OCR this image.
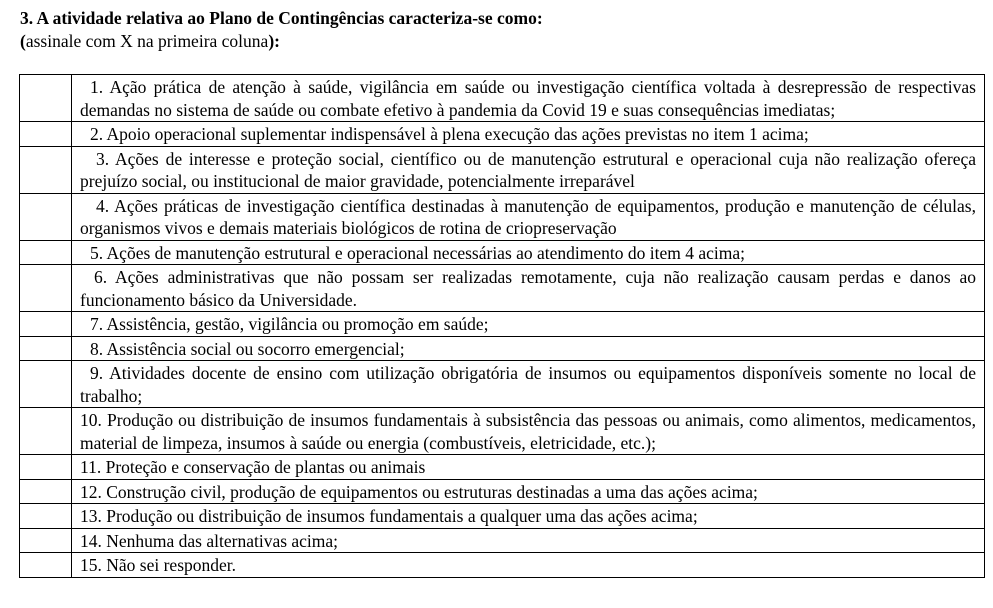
3. A atividade relativa ao Plano de Contingências caracteriza-se como:
(assinale com X na primeira coluna):
	1. Ação prática de atenção à saúde, vigilância em saúde ou investigação científica voltada à desrepressão de respectivas demandas no sistema de saúde ou combate efetivo à pandemia da Covid 19 e suas consequências imediatas;
	2. Apoio operacional suplementar indispensável à plena execução das ações previstas no item 1 acima;
	3. Ações de interesse e proteção social, científico ou de manutenção estrutural e operacional cuja não realização ofereça prejuízo social, ou institucional de maior gravidade, potencialmente irreparável
	4. Ações práticas de investigação científica destinadas à manutenção de equipamentos, produção e manutenção de células, organismos vivos e demais materiais biológicos de rotina de criopreservação
	5. Ações de manutenção estrutural e operacional necessárias ao atendimento do item 4 acima;
	6. Ações administrativas que não possam ser realizadas remotamente, cuja não realização causam perdas e danos ao funcionamento básico da Universidade.
	7. Assistência, gestão, vigilância ou promoção em saúde;
	8. Assistência social ou socorro emergencial;
	9. Atividades docente de ensino com utilização obrigatória de insumos ou equipamentos disponíveis somente no local de trabalho;
	10. Produção ou distribuição de insumos fundamentais à subsistência das pessoas ou animais, como alimentos, medicamentos, material de limpeza, insumos à saúde ou energia (combustíveis, eletricidade, etc.);
	11. Proteção e conservação de plantas ou animais
	12. Construção civil, produção de equipamentos ou estruturas destinadas a uma das ações acima;
	13. Produção ou distribuição de insumos fundamentais a qualquer uma das ações acima;
	14. Nenhuma das alternativas acima;
	15. Não sei responder.
